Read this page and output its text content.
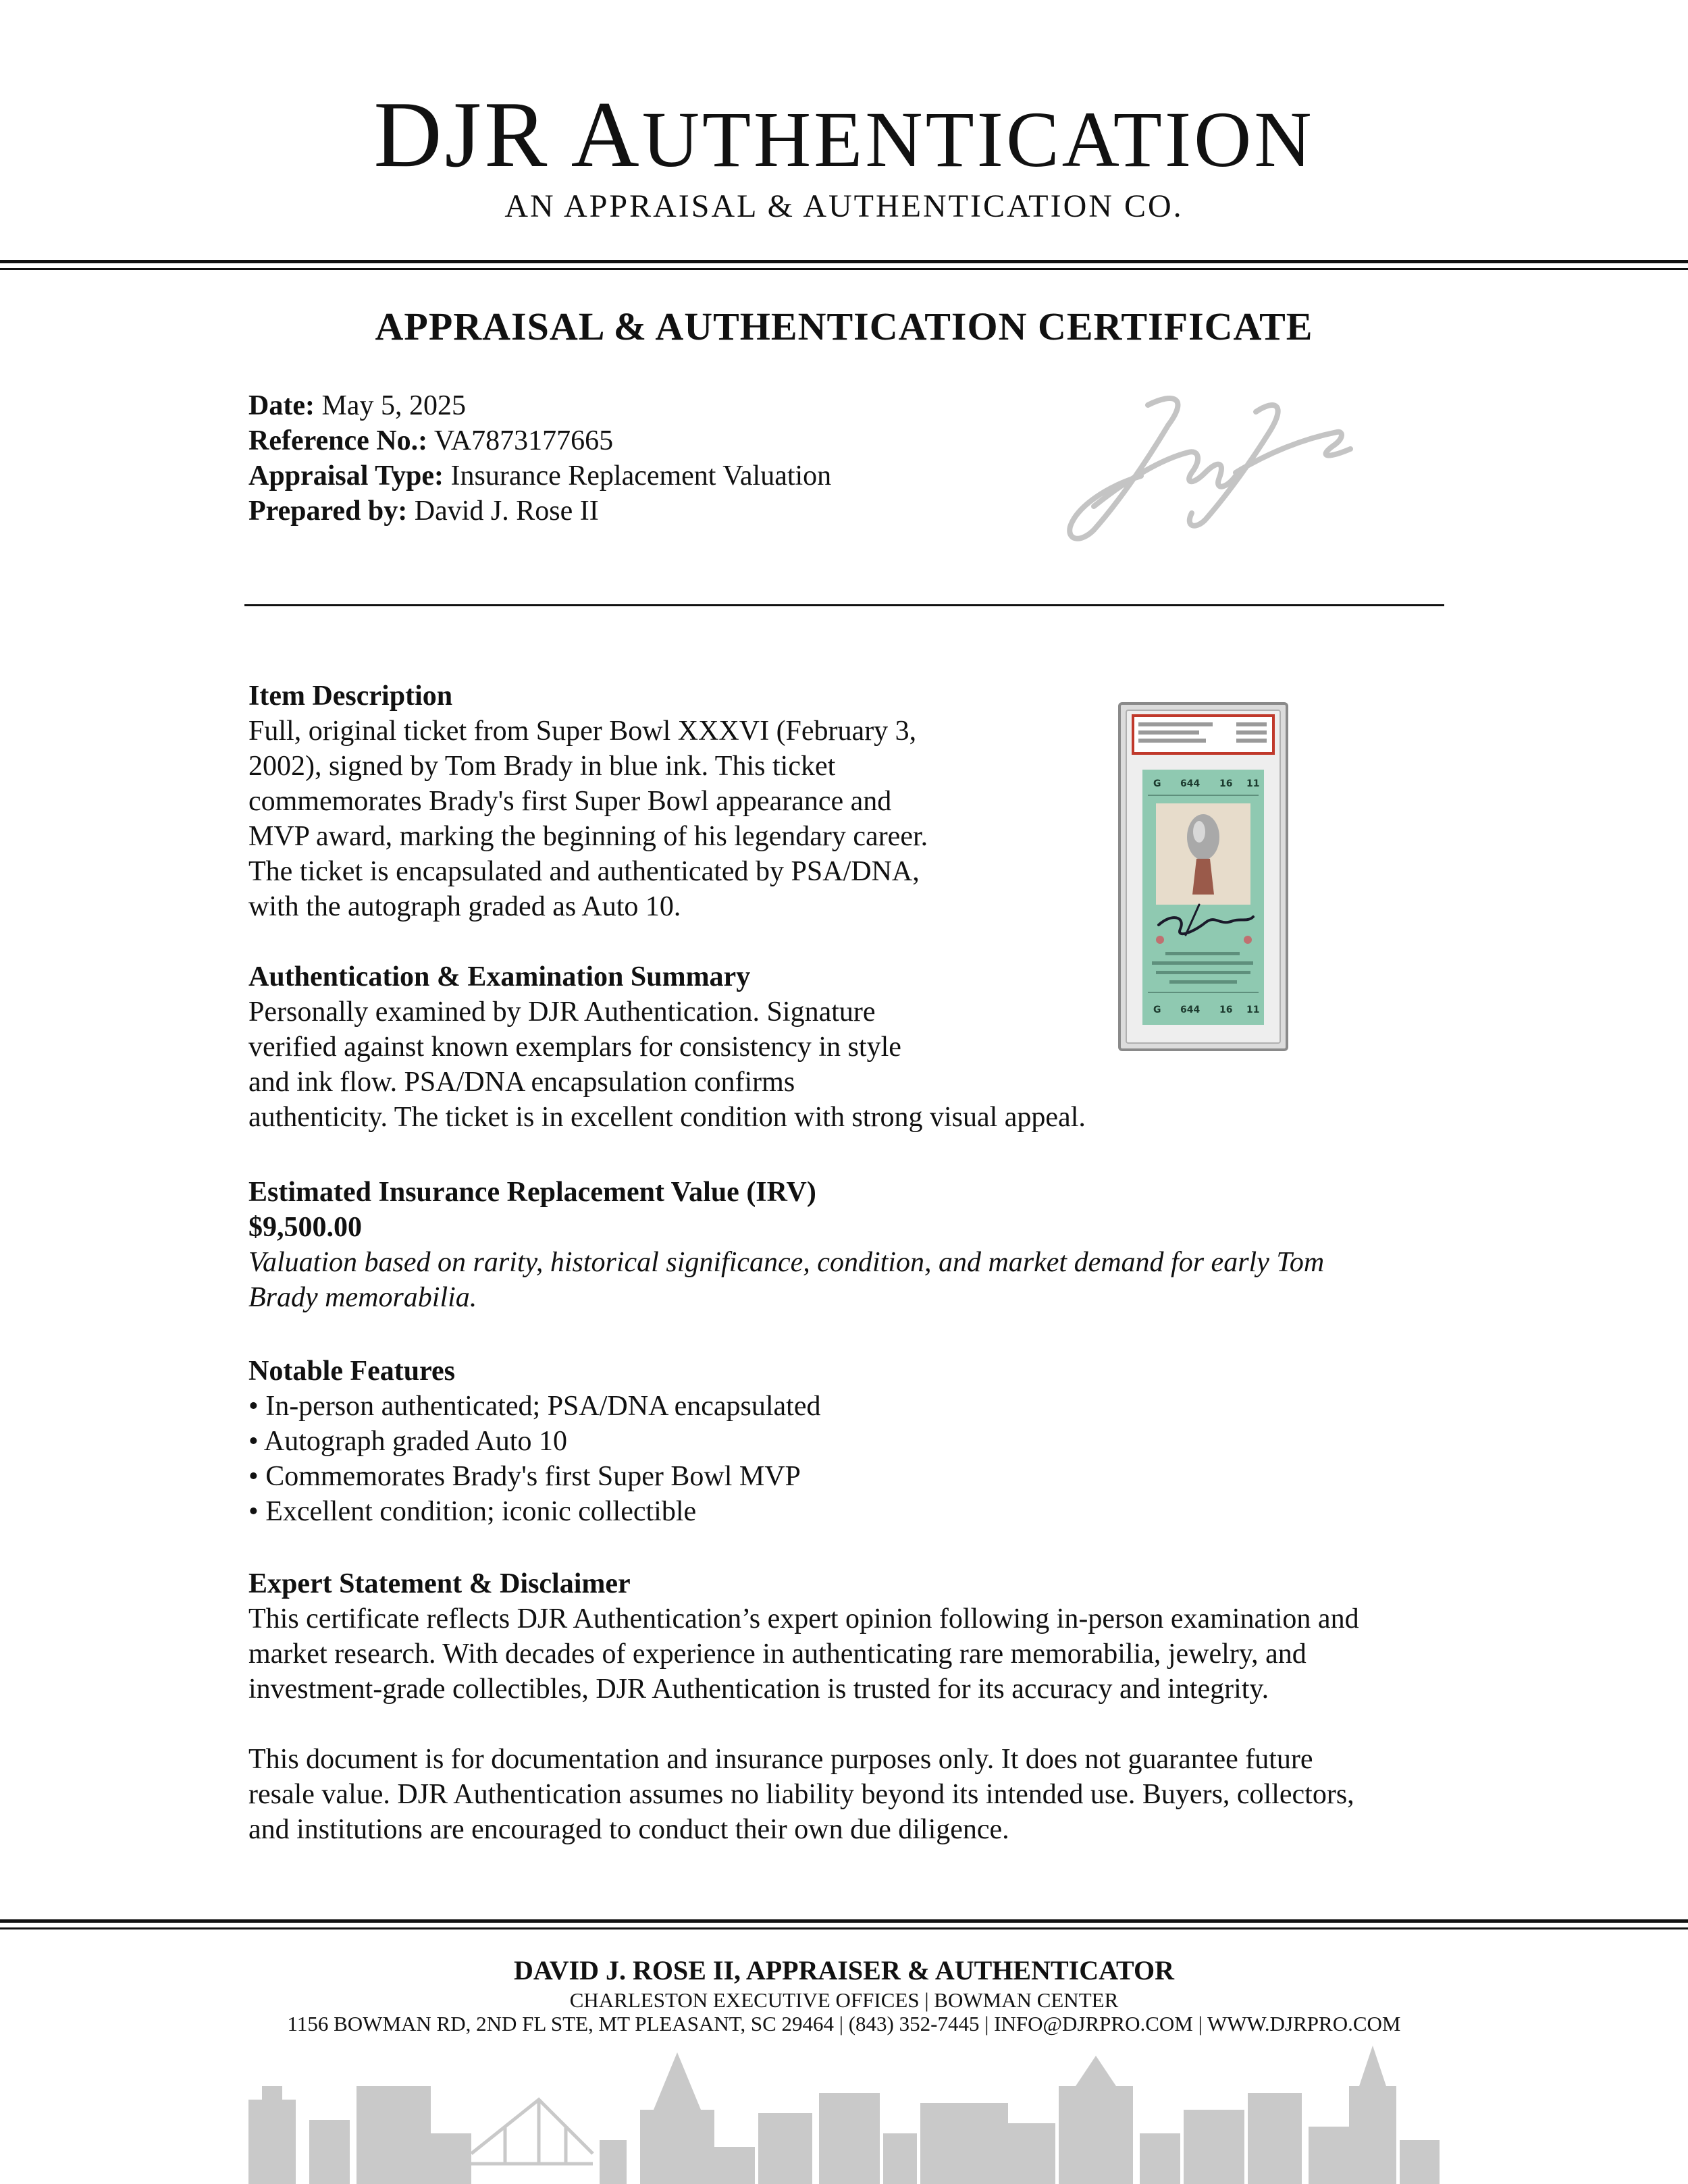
DJR AUTHENTICATION
AN APPRAISAL & AUTHENTICATION CO.
APPRAISAL & AUTHENTICATION CERTIFICATE
Date: May 5, 2025
Reference No.: VA7873177665
Appraisal Type: Insurance Replacement Valuation
Prepared by: David J. Rose II
Item Description
Full, original ticket from Super Bowl XXXVI (February 3,
2002), signed by Tom Brady in blue ink. This ticket
commemorates Brady's first Super Bowl appearance and
MVP award, marking the beginning of his legendary career.
The ticket is encapsulated and authenticated by PSA/DNA,
with the autograph graded as Auto 10.
G 644 16 11
G 644 16 11
Authentication & Examination Summary
Personally examined by DJR Authentication. Signature
verified against known exemplars for consistency in style
and ink flow. PSA/DNA encapsulation confirms
authenticity. The ticket is in excellent condition with strong visual appeal.
Estimated Insurance Replacement Value (IRV)
$9,500.00
Valuation based on rarity, historical significance, condition, and market demand for early Tom
Brady memorabilia.
Notable Features
• In-person authenticated; PSA/DNA encapsulated
• Autograph graded Auto 10
• Commemorates Brady's first Super Bowl MVP
• Excellent condition; iconic collectible
Expert Statement & Disclaimer
This certificate reflects DJR Authentication’s expert opinion following in-person examination and
market research. With decades of experience in authenticating rare memorabilia, jewelry, and
investment-grade collectibles, DJR Authentication is trusted for its accuracy and integrity.
This document is for documentation and insurance purposes only. It does not guarantee future
resale value. DJR Authentication assumes no liability beyond its intended use. Buyers, collectors,
and institutions are encouraged to conduct their own due diligence.
DAVID J. ROSE II, APPRAISER & AUTHENTICATOR
CHARLESTON EXECUTIVE OFFICES | BOWMAN CENTER
1156 BOWMAN RD, 2ND FL STE, MT PLEASANT, SC 29464 | (843) 352-7445 | INFO@DJRPRO.COM | WWW.DJRPRO.COM
